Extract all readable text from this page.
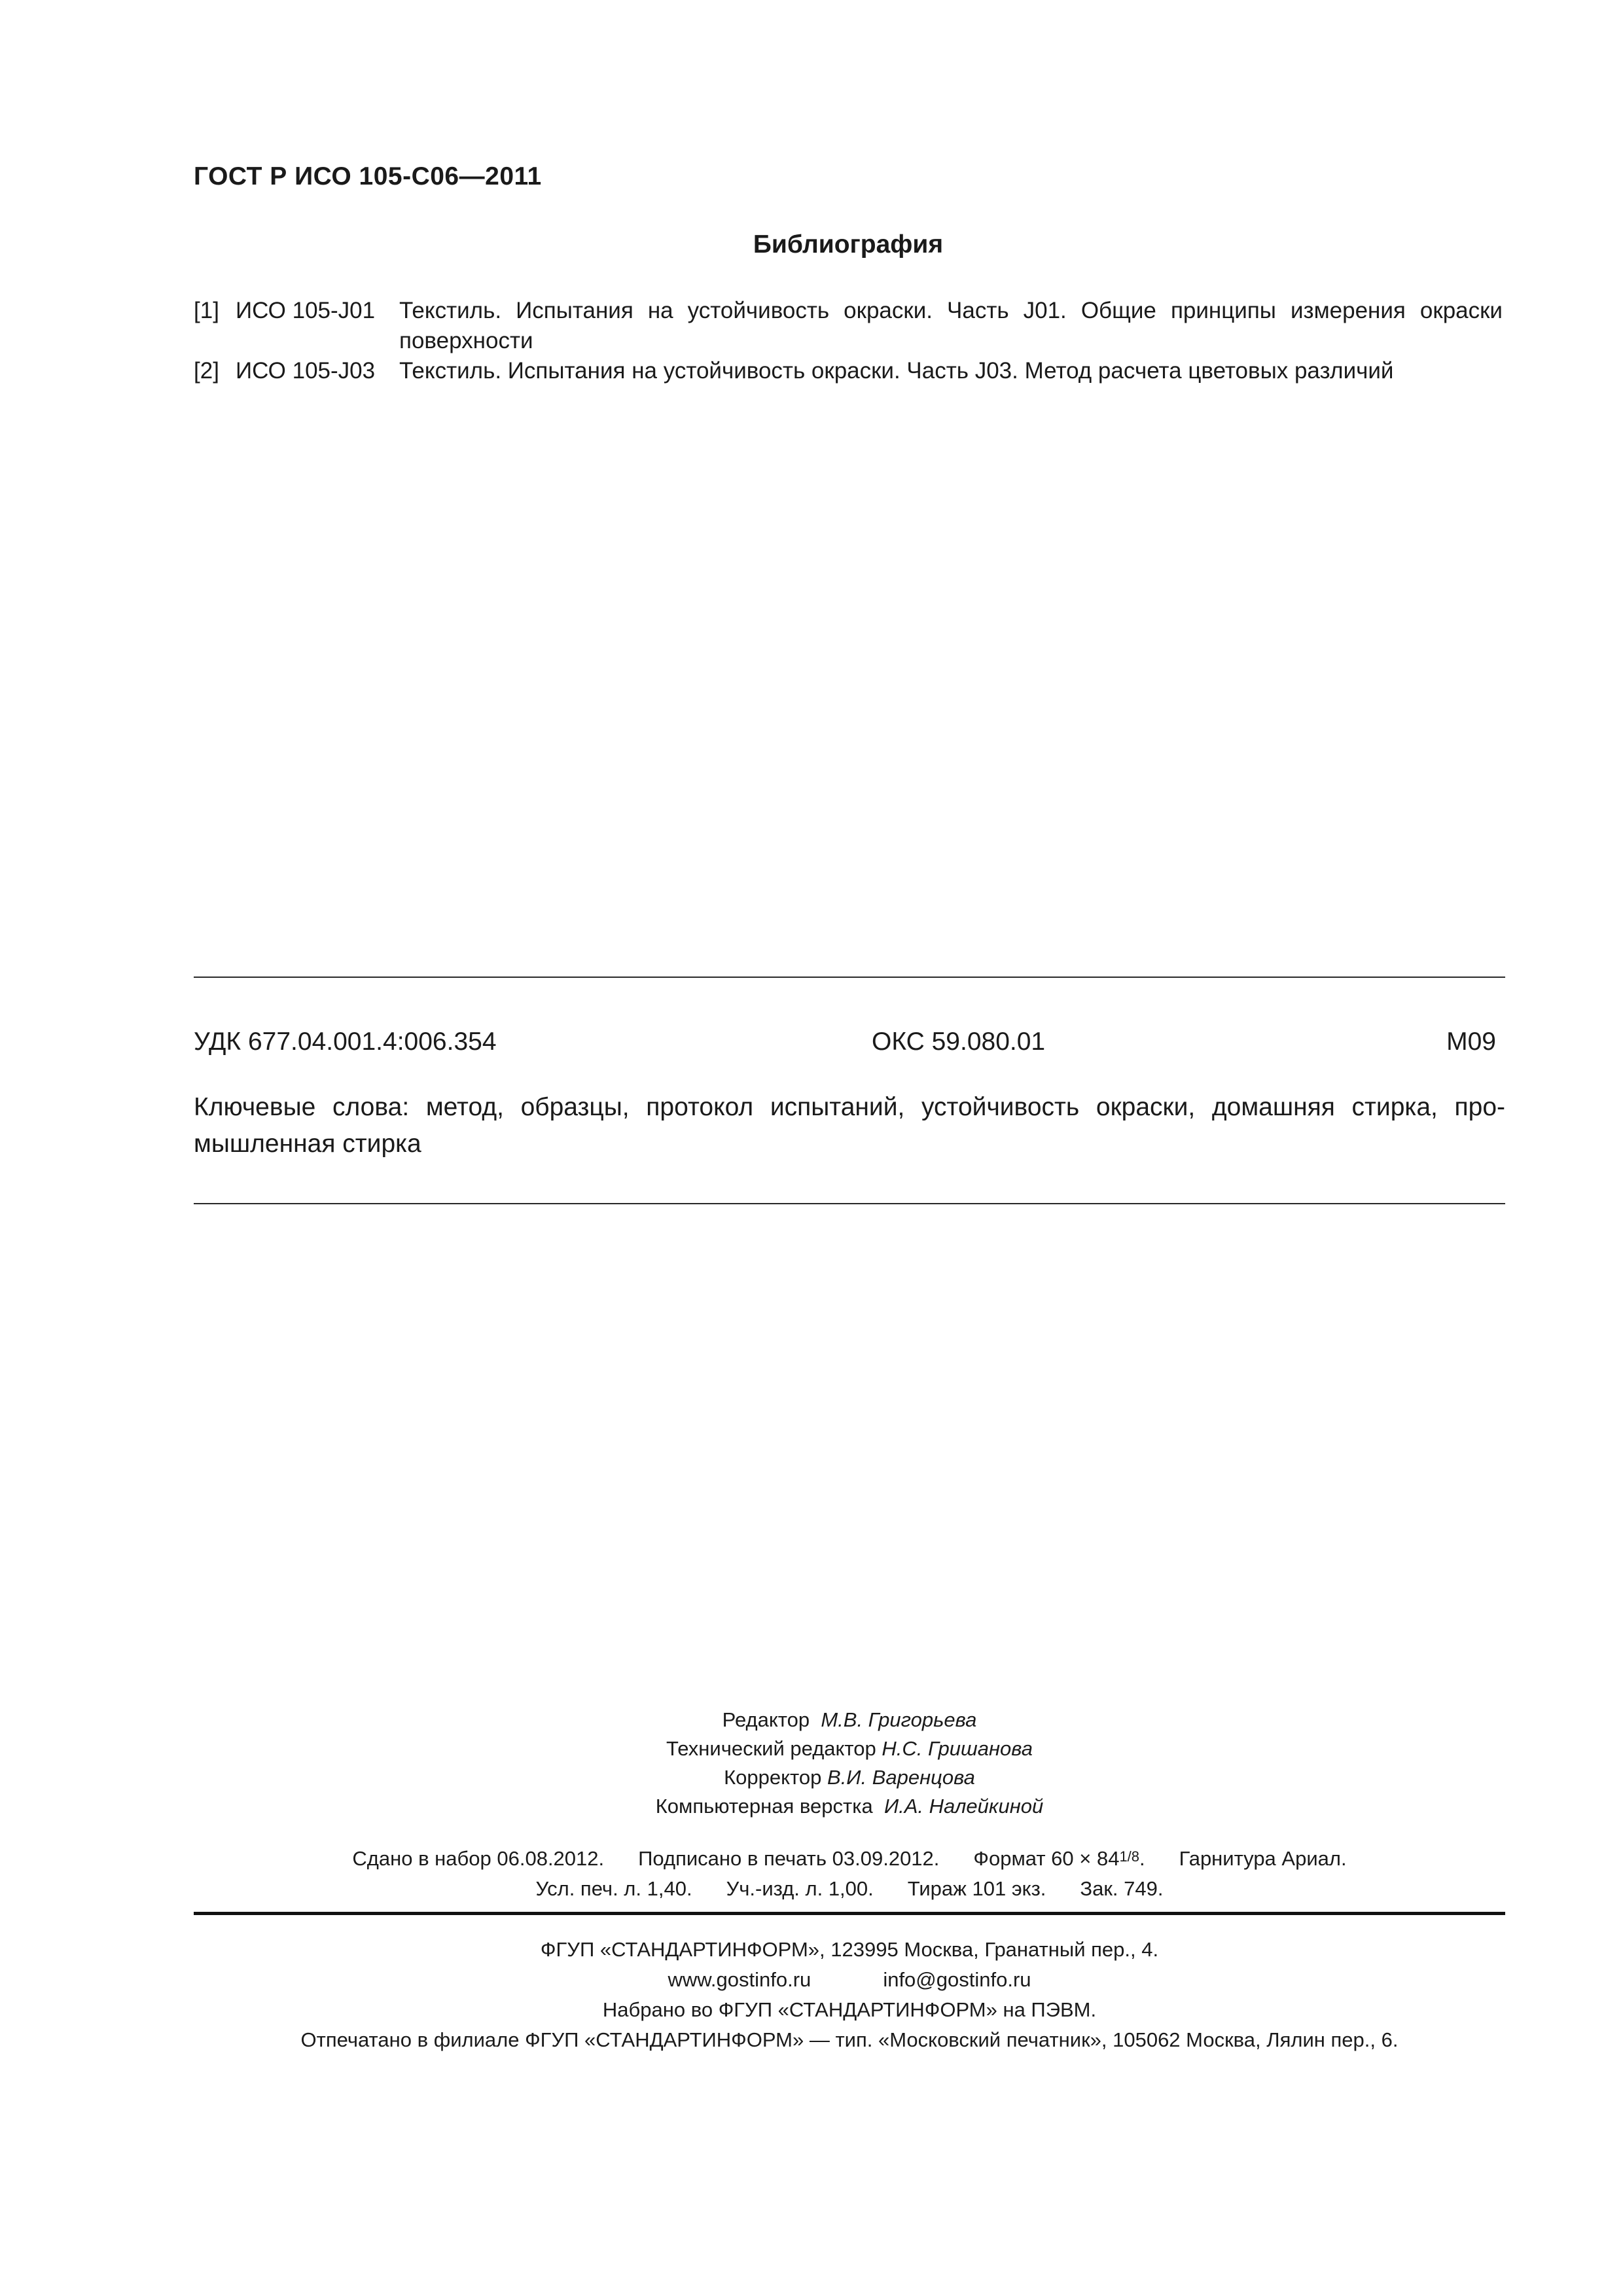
ГОСТ Р ИСО 105-С06—2011
Библиография
[1] ИСО 105-J01	Текстиль. Испытания на устойчивость окраски. Часть J01. Общие принципы измерения окраски поверхности
[2] ИСО 105-J03	Текстиль. Испытания на устойчивость окраски. Часть J03. Метод расчета цветовых различий
УДК 677.04.001.4:006.354	ОКС 59.080.01	М09
Ключевые слова: метод, образцы, протокол испытаний, устойчивость окраски, домашняя стирка, про-мышленная стирка
Редактор М.В. Григорьева
Технический редактор Н.С. Гришанова
Корректор В.И. Варенцова
Компьютерная верстка И.А. Налейкиной
Сдано в набор 06.08.2012. Подписано в печать 03.09.2012. Формат 60 × 841/8. Гарнитура Ариал.
Усл. печ. л. 1,40. Уч.-изд. л. 1,00. Тираж 101 экз. Зак. 749.
ФГУП «СТАНДАРТИНФОРМ», 123995 Москва, Гранатный пер., 4.
www.gostinfo.ru	info@gostinfo.ru
Набрано во ФГУП «СТАНДАРТИНФОРМ» на ПЭВМ.
Отпечатано в филиале ФГУП «СТАНДАРТИНФОРМ» — тип. «Московский печатник», 105062 Москва, Лялин пер., 6.
